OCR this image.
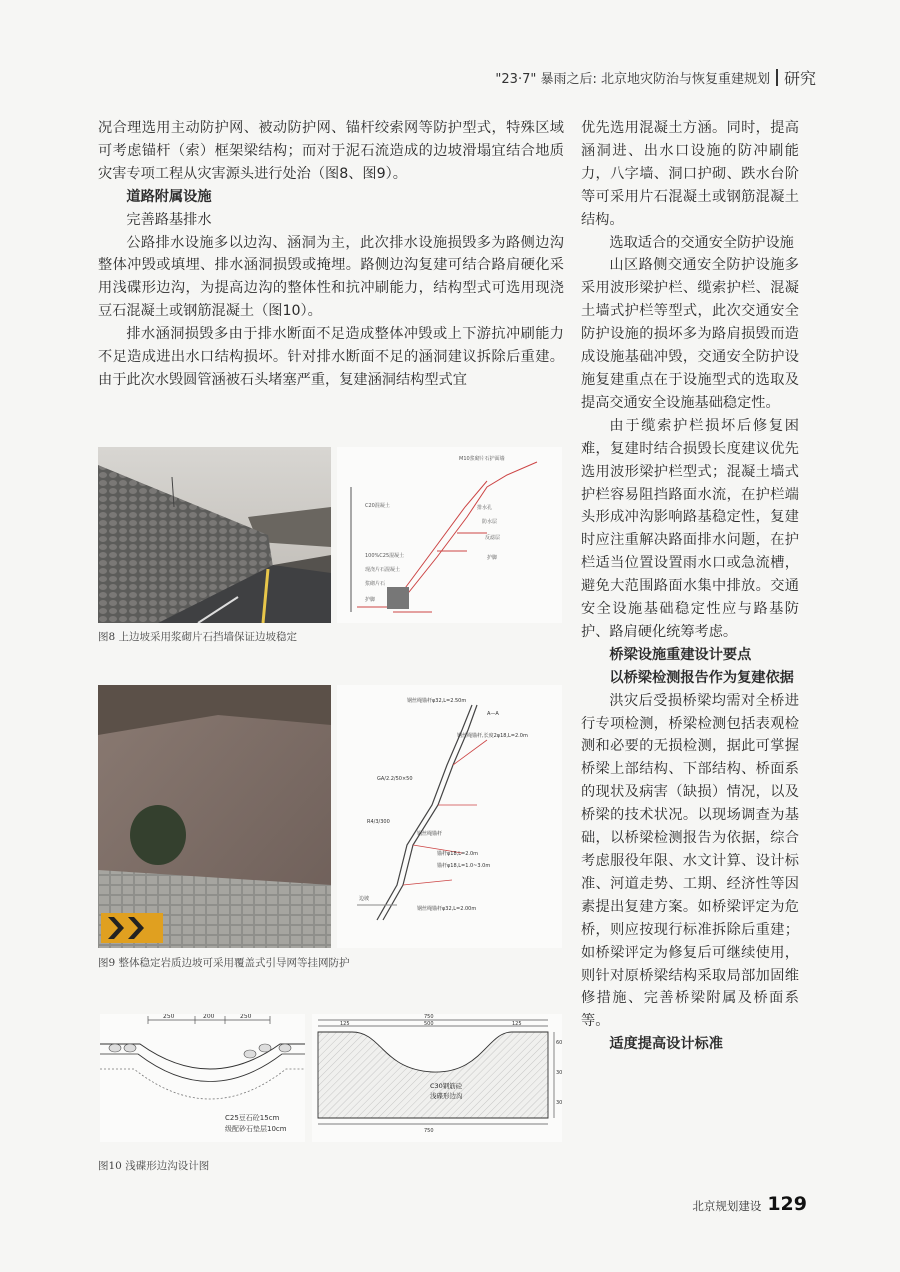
"23·7" 暴雨之后: 北京地灾防治与恢复重建规划 研究

况合理选用主动防护网、被动防护网、锚杆绞索网等防护型式，特殊区域可考虑锚杆（索）框架梁结构；而对于泥石流造成的边坡滑塌宜结合地质灾害专项工程从灾害源头进行处治（图8、图9）。

道路附属设施

完善路基排水

公路排水设施多以边沟、涵洞为主，此次排水设施损毁多为路侧边沟整体冲毁或填埋、排水涵洞损毁或掩埋。路侧边沟复建可结合路肩硬化采用浅碟形边沟，为提高边沟的整体性和抗冲刷能力，结构型式可选用现浇豆石混凝土或钢筋混凝土（图10）。

排水涵洞损毁多由于排水断面不足造成整体冲毁或上下游抗冲刷能力不足造成进出水口结构损坏。针对排水断面不足的涵洞建议拆除后重建。由于此次水毁圆管涵被石头堵塞严重，复建涵洞结构型式宜

优先选用混凝土方涵。同时，提高涵洞进、出水口设施的防冲刷能力，八字墙、洞口护砌、跌水台阶等可采用片石混凝土或钢筋混凝土结构。

选取适合的交通安全防护设施

山区路侧交通安全防护设施多采用波形梁护栏、缆索护栏、混凝土墙式护栏等型式，此次交通安全防护设施的损坏多为路肩损毁而造成设施基础冲毁，交通安全防护设施复建重点在于设施型式的选取及提高交通安全设施基础稳定性。

由于缆索护栏损坏后修复困难，复建时结合损毁长度建议优先选用波形梁护栏型式；混凝土墙式护栏容易阻挡路面水流，在护栏端头形成冲沟影响路基稳定性，复建时应注重解决路面排水问题，在护栏适当位置设置雨水口或急流槽，避免大范围路面水集中排放。交通安全设施基础稳定性应与路基防护、路肩硬化统筹考虑。

桥梁设施重建设计要点

以桥梁检测报告作为复建依据

洪灾后受损桥梁均需对全桥进行专项检测，桥梁检测包括表观检测和必要的无损检测，据此可掌握桥梁上部结构、下部结构、桥面系的现状及病害（缺损）情况，以及桥梁的技术状况。以现场调查为基础，以桥梁检测报告为依据，综合考虑服役年限、水文计算、设计标准、河道走势、工期、经济性等因素提出复建方案。如桥梁评定为危桥，则应按现行标准拆除后重建；如桥梁评定为修复后可继续使用，则针对原桥梁结构采取局部加固维修措施、完善桥梁附属及桥面系等。

适度提高设计标准

M10浆砌片石护面墙
C20混凝土
100%C25混凝土
现浇片石混凝土
浆砌片石
护脚
排水孔
防水层
反滤层
护脚
图8 上边坡采用浆砌片石挡墙保证边坡稳定
钢丝绳锚杆φ32,L=2.50m
A—A
钢丝绳锚杆,长度2φ18,L=2.0m
GA/2.2/50×50
R4/3/300
锚杆φ18,L=2.0m
锚杆φ18,L=1.0~3.0m
钢丝绳锚杆φ32,L=2.00m
边坡
钢丝绳锚杆
图9 整体稳定岩质边坡可采用覆盖式引导网等挂网防护
250	200	250
C25豆石砼15cm
级配砂石垫层10cm
750
125	500	125
750
60
30
30
C30钢筋砼
浅碟形边沟
图10 浅碟形边沟设计图
北京规划建设 129
